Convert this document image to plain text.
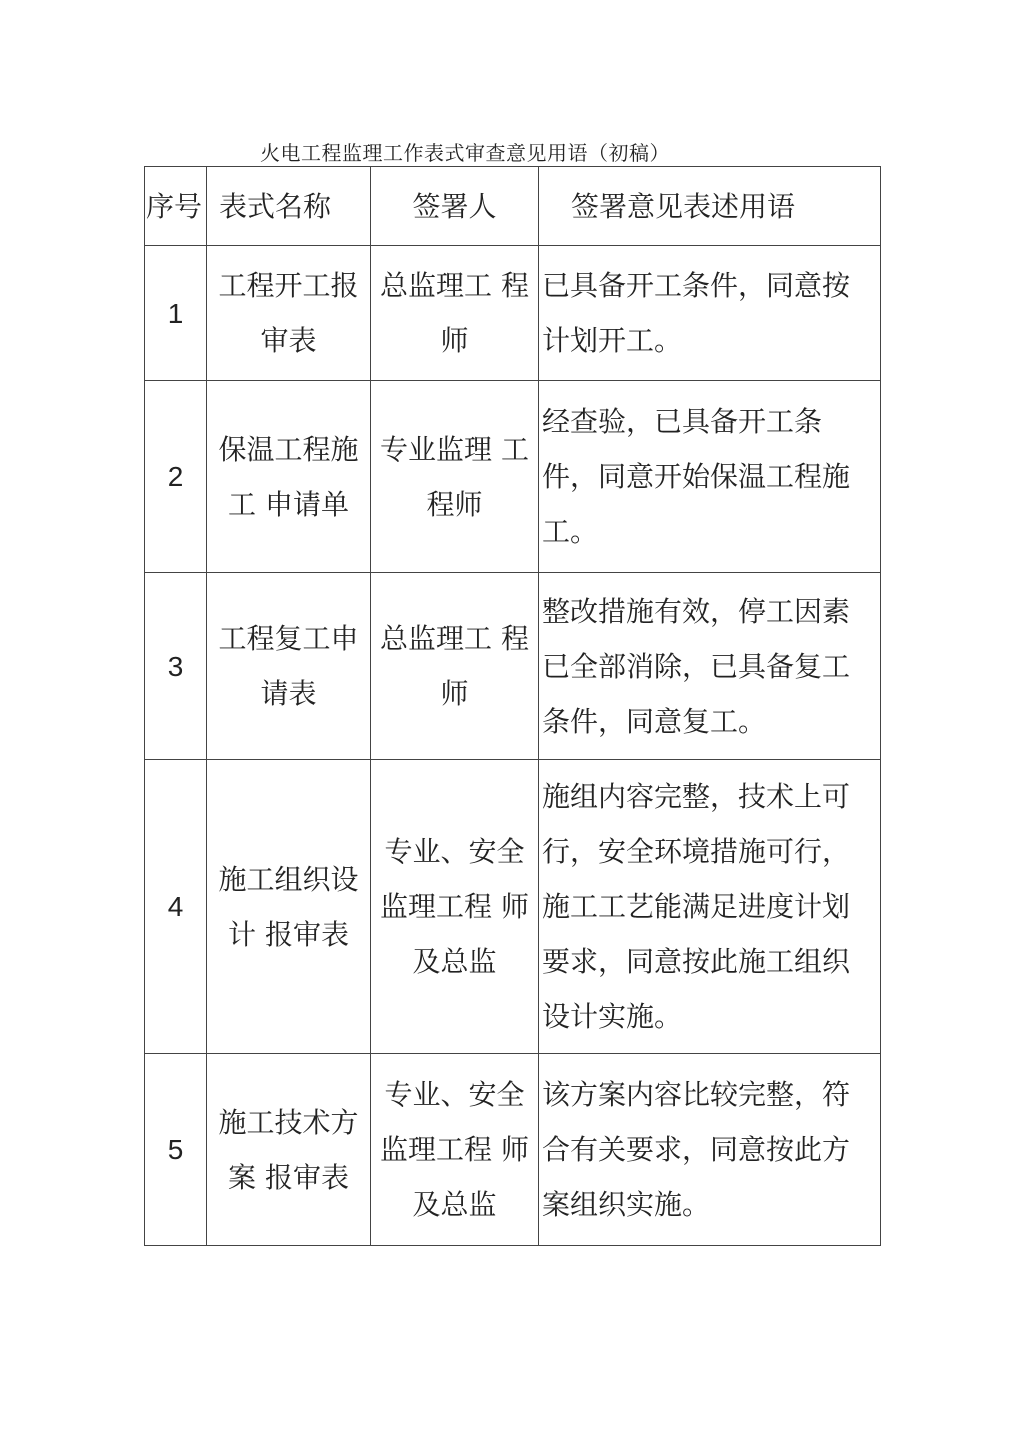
火电工程监理工作表式审查意见用语（初稿）
序号	表式名称	签署人	签署意见表述用语
1	工程开工报审表	总监理工 程师	已具备开工条件，同意按计划开工。

2	保温工程施工 申请单	专业监理 工程师	经查验，已具备开工条件，同意开始保温工程施工。

3	工程复工申请表	总监理工 程师	整改措施有效，停工因素已全部消除，已具备复工条件，同意复工。

4	施工组织设计 报审表	专业、安全监理工程 师及总监	施组内容完整，技术上可行，安全环境措施可行，施工工艺能满足进度计划要求，同意按此施工组织设计实施。

5	施工技术方案 报审表	专业、安全监理工程 师及总监	该方案内容比较完整，符合有关要求，同意按此方案组织实施。
